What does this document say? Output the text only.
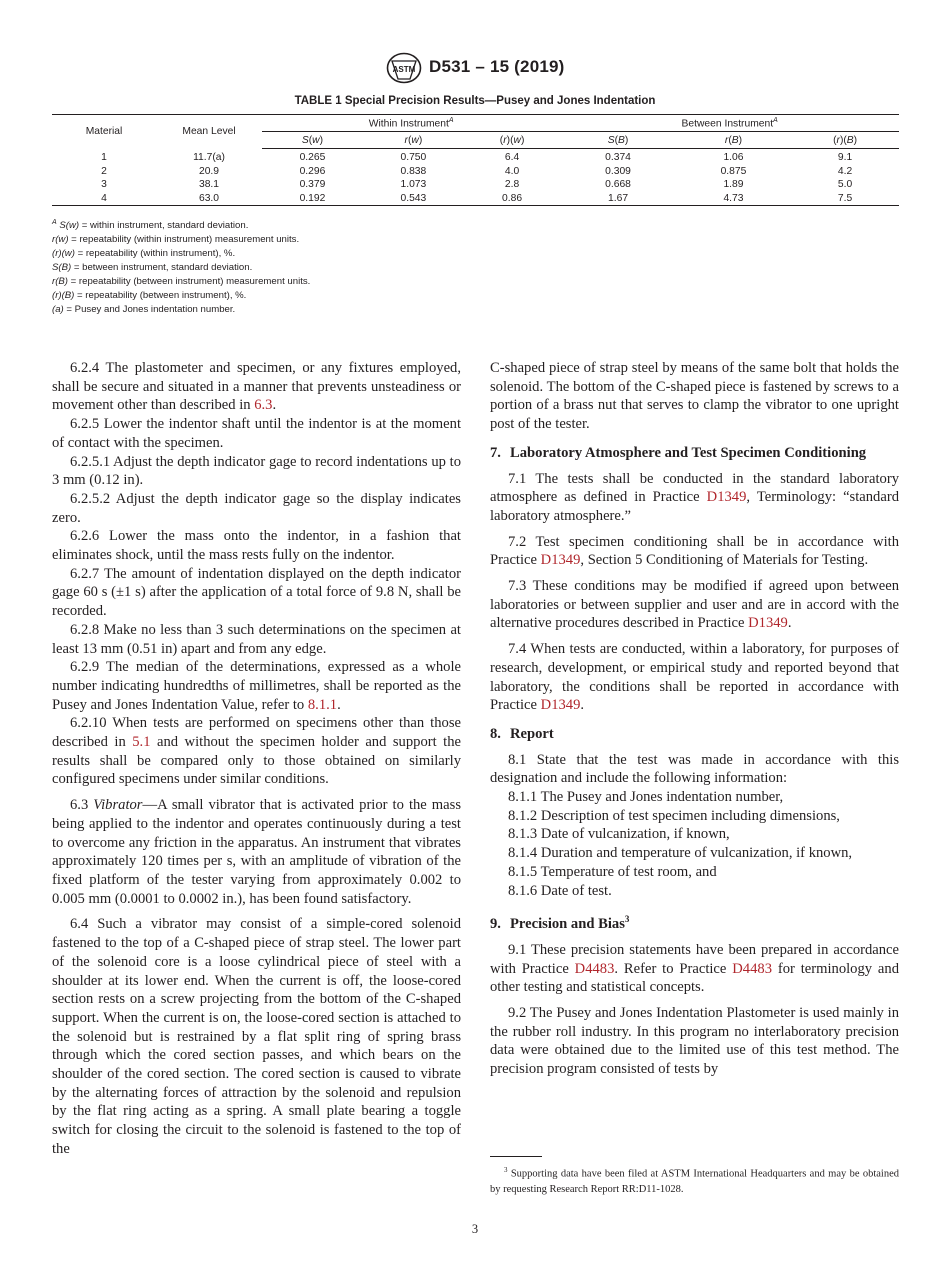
ASTM D531 – 15 (2019)
TABLE 1 Special Precision Results—Pusey and Jones Indentation
Material	Mean Level	Within Instrument$^A$			Between Instrument$^A$
		S(w)	r(w)	(r)(w)	S(B)	r(B)	(r)(B)
1	11.7(a)	0.265	0.750	6.4	0.374	1.06	9.1
2	20.9	0.296	0.838	4.0	0.309	0.875	4.2
3	38.1	0.379	1.073	2.8	0.668	1.89	5.0
4	63.0	0.192	0.543	0.86	1.67	4.73	7.5
$^A$ S(w) = within instrument, standard deviation.
r(w) = repeatability (within instrument) measurement units.
(r)(w) = repeatability (within instrument), %.
S(B) = between instrument, standard deviation.
r(B) = repeatability (between instrument) measurement units.
(r)(B) = repeatability (between instrument), %.
(a) = Pusey and Jones indentation number.

6.2.4 The plastometer and specimen, or any fixtures employed, shall be secure and situated in a manner that prevents unsteadiness or movement other than described in 6.3.

6.2.5 Lower the indentor shaft until the indentor is at the moment of contact with the specimen.

6.2.5.1 Adjust the depth indicator gage to record indentations up to 3 mm (0.12 in).

6.2.5.2 Adjust the depth indicator gage so the display indicates zero.

6.2.6 Lower the mass onto the indentor, in a fashion that eliminates shock, until the mass rests fully on the indentor.

6.2.7 The amount of indentation displayed on the depth indicator gage 60 s (±1 s) after the application of a total force of 9.8 N, shall be recorded.

6.2.8 Make no less than 3 such determinations on the specimen at least 13 mm (0.51 in) apart and from any edge.

6.2.9 The median of the determinations, expressed as a whole number indicating hundredths of millimetres, shall be reported as the Pusey and Jones Indentation Value, refer to 8.1.1.

6.2.10 When tests are performed on specimens other than those described in 5.1 and without the specimen holder and support the results shall be compared only to those obtained on similarly configured specimens under similar conditions.

6.3 Vibrator—A small vibrator that is activated prior to the mass being applied to the indentor and operates continuously during a test to overcome any friction in the apparatus. An instrument that vibrates approximately 120 times per s, with an amplitude of vibration of the fixed platform of the tester varying from approximately 0.002 to 0.005 mm (0.0001 to 0.0002 in.), has been found satisfactory.

6.4 Such a vibrator may consist of a simple-cored solenoid fastened to the top of a C-shaped piece of strap steel. The lower part of the solenoid core is a loose cylindrical piece of steel with a shoulder at its lower end. When the current is off, the loose-cored section rests on a screw projecting from the bottom of the C-shaped support. When the current is on, the loose-cored section is attached to the solenoid but is restrained by a flat split ring of spring brass through which the cored section passes, and which bears on the shoulder of the cored section. The cored section is caused to vibrate by the alternating forces of attraction by the solenoid and repulsion by the flat ring acting as a spring. A small plate bearing a toggle switch for closing the circuit to the solenoid is fastened to the top of the

C-shaped piece of strap steel by means of the same bolt that holds the solenoid. The bottom of the C-shaped piece is fastened by screws to a portion of a brass nut that serves to clamp the vibrator to one upright post of the tester.

7. Laboratory Atmosphere and Test Specimen Conditioning

7.1 The tests shall be conducted in the standard laboratory atmosphere as defined in Practice D1349, Terminology: “standard laboratory atmosphere.”

7.2 Test specimen conditioning shall be in accordance with Practice D1349, Section 5 Conditioning of Materials for Testing.

7.3 These conditions may be modified if agreed upon between laboratories or between supplier and user and are in accord with the alternative procedures described in Practice D1349.

7.4 When tests are conducted, within a laboratory, for purposes of research, development, or empirical study and reported beyond that laboratory, the conditions shall be reported in accordance with Practice D1349.

8. Report

8.1 State that the test was made in accordance with this designation and include the following information:

8.1.1 The Pusey and Jones indentation number,

8.1.2 Description of test specimen including dimensions,

8.1.3 Date of vulcanization, if known,

8.1.4 Duration and temperature of vulcanization, if known,

8.1.5 Temperature of test room, and

8.1.6 Date of test.

9. Precision and Bias$^3$

9.1 These precision statements have been prepared in accordance with Practice D4483. Refer to Practice D4483 for terminology and other testing and statistical concepts.

9.2 The Pusey and Jones Indentation Plastometer is used mainly in the rubber roll industry. In this program no interlaboratory precision data were obtained due to the limited use of this test method. The precision program consisted of tests by

$^3$ Supporting data have been filed at ASTM International Headquarters and may be obtained by requesting Research Report RR:D11-1028.
3
